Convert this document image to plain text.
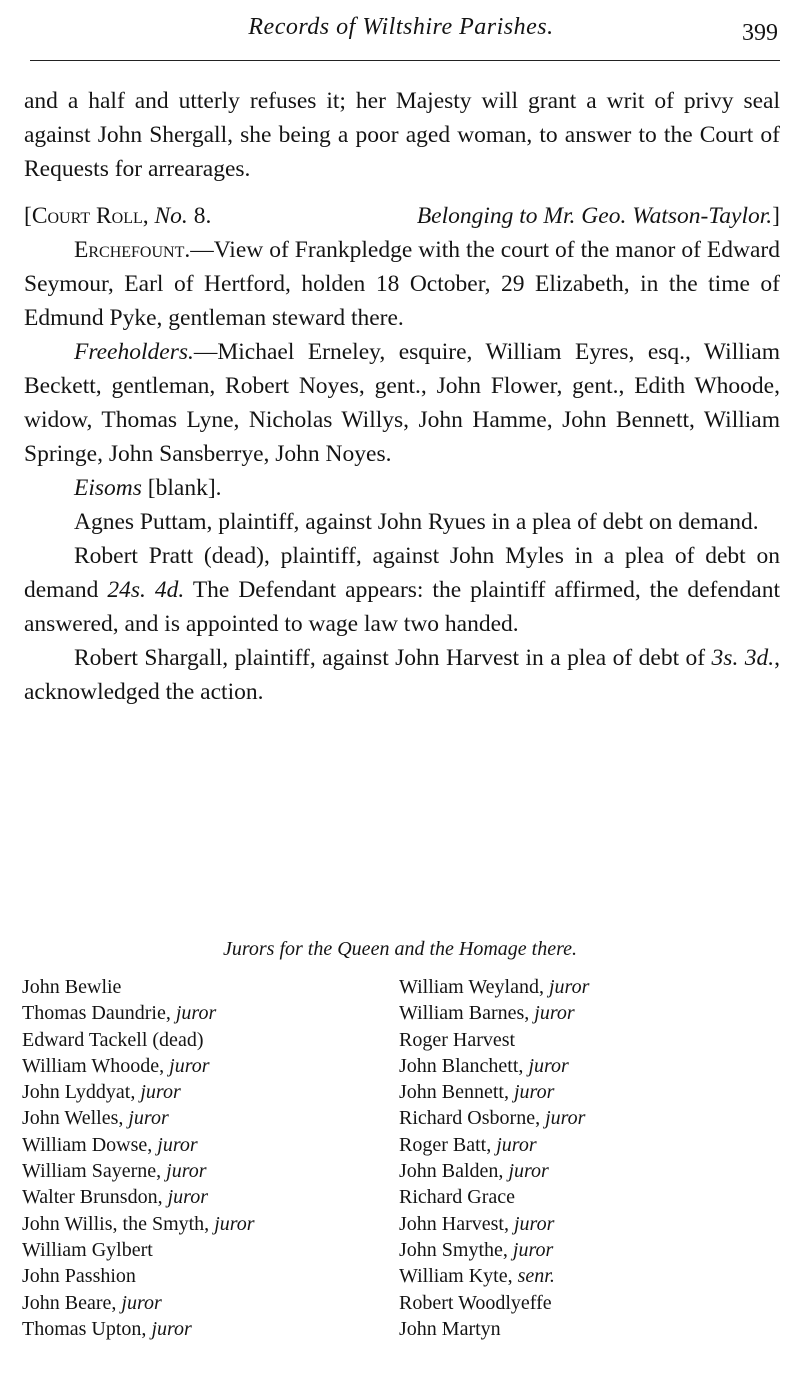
Records of Wiltshire Parishes.	399

and a half and utterly refuses it; her Majesty will grant a writ of privy seal against John Shergall, she being a poor aged woman, to answer to the Court of Requests for arrearages.

[Court Roll, No. 8.	Belonging to Mr. Geo. Watson-Taylor.]

Erchefount.—View of Frankpledge with the court of the manor of Edward Seymour, Earl of Hertford, holden 18 October, 29 Elizabeth, in the time of Edmund Pyke, gentleman steward there.

Freeholders.—Michael Erneley, esquire, William Eyres, esq., William Beckett, gentleman, Robert Noyes, gent., John Flower, gent., Edith Whoode, widow, Thomas Lyne, Nicholas Willys, John Hamme, John Bennett, William Springe, John Sansberrye, John Noyes.

Eisoms [blank].

Agnes Puttam, plaintiff, against John Ryues in a plea of debt on demand.

Robert Pratt (dead), plaintiff, against John Myles in a plea of debt on demand 24s. 4d. The Defendant appears: the plaintiff affirmed, the defendant answered, and is appointed to wage law two handed.

Robert Shargall, plaintiff, against John Harvest in a plea of debt of 3s. 3d., acknowledged the action.

Jurors for the Queen and the Homage there.
John Bewlie
Thomas Daundrie, juror
Edward Tackell (dead)
William Whoode, juror
John Lyddyat, juror
John Welles, juror
William Dowse, juror
William Sayerne, juror
Walter Brunsdon, juror
John Willis, the Smyth, juror
William Gylbert
John Passhion
John Beare, juror
Thomas Upton, juror
William Weyland, juror
William Barnes, juror
Roger Harvest
John Blanchett, juror
John Bennett, juror
Richard Osborne, juror
Roger Batt, juror
John Balden, juror
Richard Grace
John Harvest, juror
John Smythe, juror
William Kyte, senr.
Robert Woodlyeffe
John Martyn
